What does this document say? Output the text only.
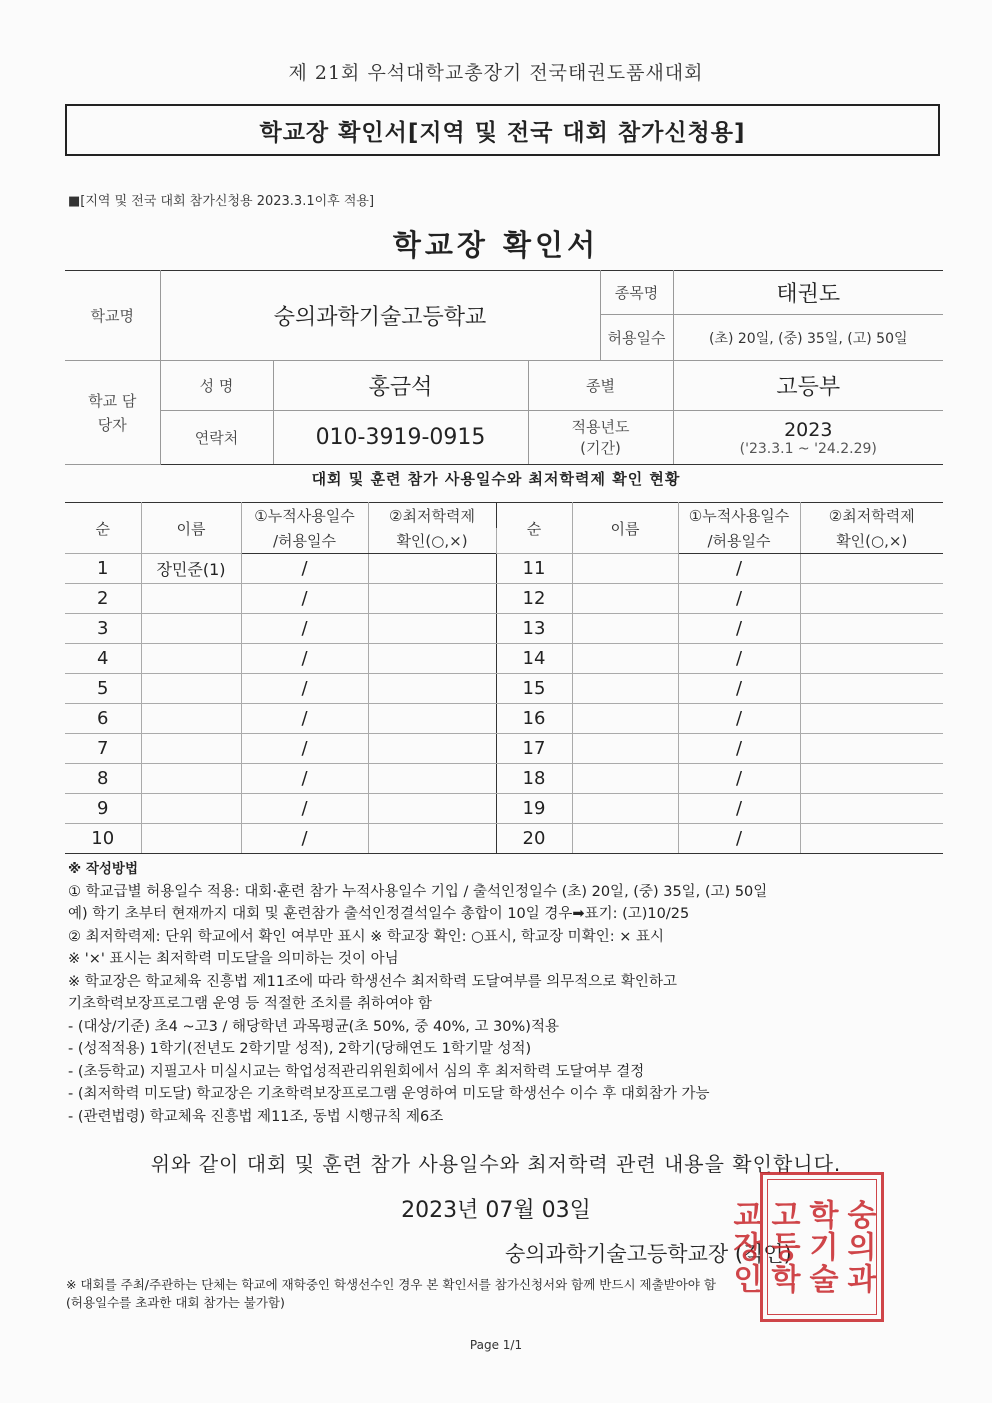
제 21회 우석대학교총장기 전국태권도품새대회
학교장 확인서[지역 및 전국 대회 참가신청용]
■[지역 및 전국 대회 참가신청용 2023.3.1이후 적용]
학교장 확인서
학교명	숭의과학기술고등학교			종목명	태권도
				허용일수	(초) 20일, (중) 35일, (고) 50일
학교 담당자	성 명	홍금석	종별		고등부
	연락처	010-3919-0915	적용년도 (기간)		2023
('23.3.1 ~ '24.2.29)
대회 및 훈련 참가 사용일수와 최저학력제 확인 현황
순	이름	①누적사용일수	②최저학력제	순	이름	①누적사용일수	②최저학력제
		/허용일수	확인(○,×)			/허용일수	확인(○,×)
1	장민준(1)	/		11		/	
2		/		12		/	
3		/		13		/	
4		/		14		/	
5		/		15		/	
6		/		16		/	
7		/		17		/	
8		/		18		/	
9		/		19		/	
10		/		20		/	
※ 작성방법
① 학교급별 허용일수 적용: 대회·훈련 참가 누적사용일수 기입 / 출석인정일수 (초) 20일, (중) 35일, (고) 50일
예) 학기 초부터 현재까지 대회 및 훈련참가 출석인정결석일수 총합이 10일 경우➡표기: (고)10/25
② 최저학력제: 단위 학교에서 확인 여부만 표시 ※ 학교장 확인: ○표시, 학교장 미확인: × 표시
※ '×' 표시는 최저학력 미도달을 의미하는 것이 아님
※ 학교장은 학교체육 진흥법 제11조에 따라 학생선수 최저학력 도달여부를 의무적으로 확인하고
기초학력보장프로그램 운영 등 적절한 조치를 취하여야 함
- (대상/기준) 초4 ~고3 / 해당학년 과목평균(초 50%, 중 40%, 고 30%)적용
- (성적적용) 1학기(전년도 2학기말 성적), 2학기(당해연도 1학기말 성적)
- (초등학교) 지필고사 미실시교는 학업성적관리위원회에서 심의 후 최저학력 도달여부 결정
- (최저학력 미도달) 학교장은 기초학력보장프로그램 운영하여 미도달 학생선수 이수 후 대회참가 가능
- (관련법령) 학교체육 진흥법 제11조, 동법 시행규칙 제6조
위와 같이 대회 및 훈련 참가 사용일수와 최저학력 관련 내용을 확인합니다.
2023년 07월 03일
숭의과학기술고등학교장 (직인)	숭의과
학기술
고등학
교장인
※ 대회를 주최/주관하는 단체는 학교에 재학중인 학생선수인 경우 본 확인서를 참가신청서와 함께 반드시 제출받아야 함
(허용일수를 초과한 대회 참가는 불가함)
Page 1/1
